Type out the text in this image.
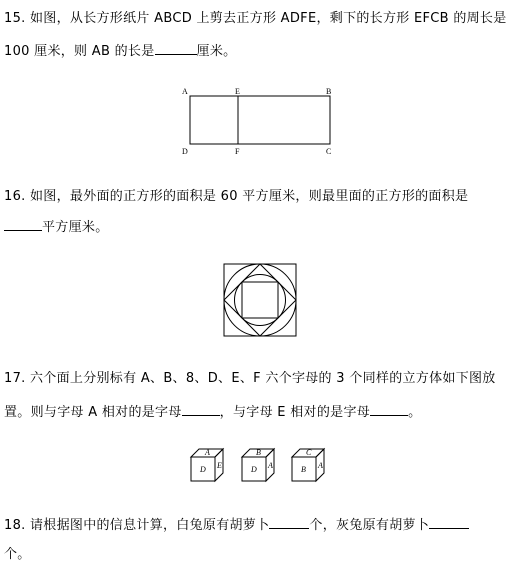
15. 如图，从长方形纸片 ABCD 上剪去正方形 ADFE，剩下的长方形 EFCB 的周长是
100 厘米，则 AB 的长是	厘米。
A	E	B
D	F	C
16. 如图，最外面的正方形的面积是 60 平方厘米，则最里面的正方形的面积是
平方厘米。
17. 六个面上分别标有 A、B、8、D、E、F 六个字母的 3 个同样的立方体如下图放
置。则与字母 A 相对的是字母	，与字母 E 相对的是字母	。
A
D E
B
D A
C
B A
18. 请根据图中的信息计算，白兔原有胡萝卜	个，灰兔原有胡萝卜
个。
